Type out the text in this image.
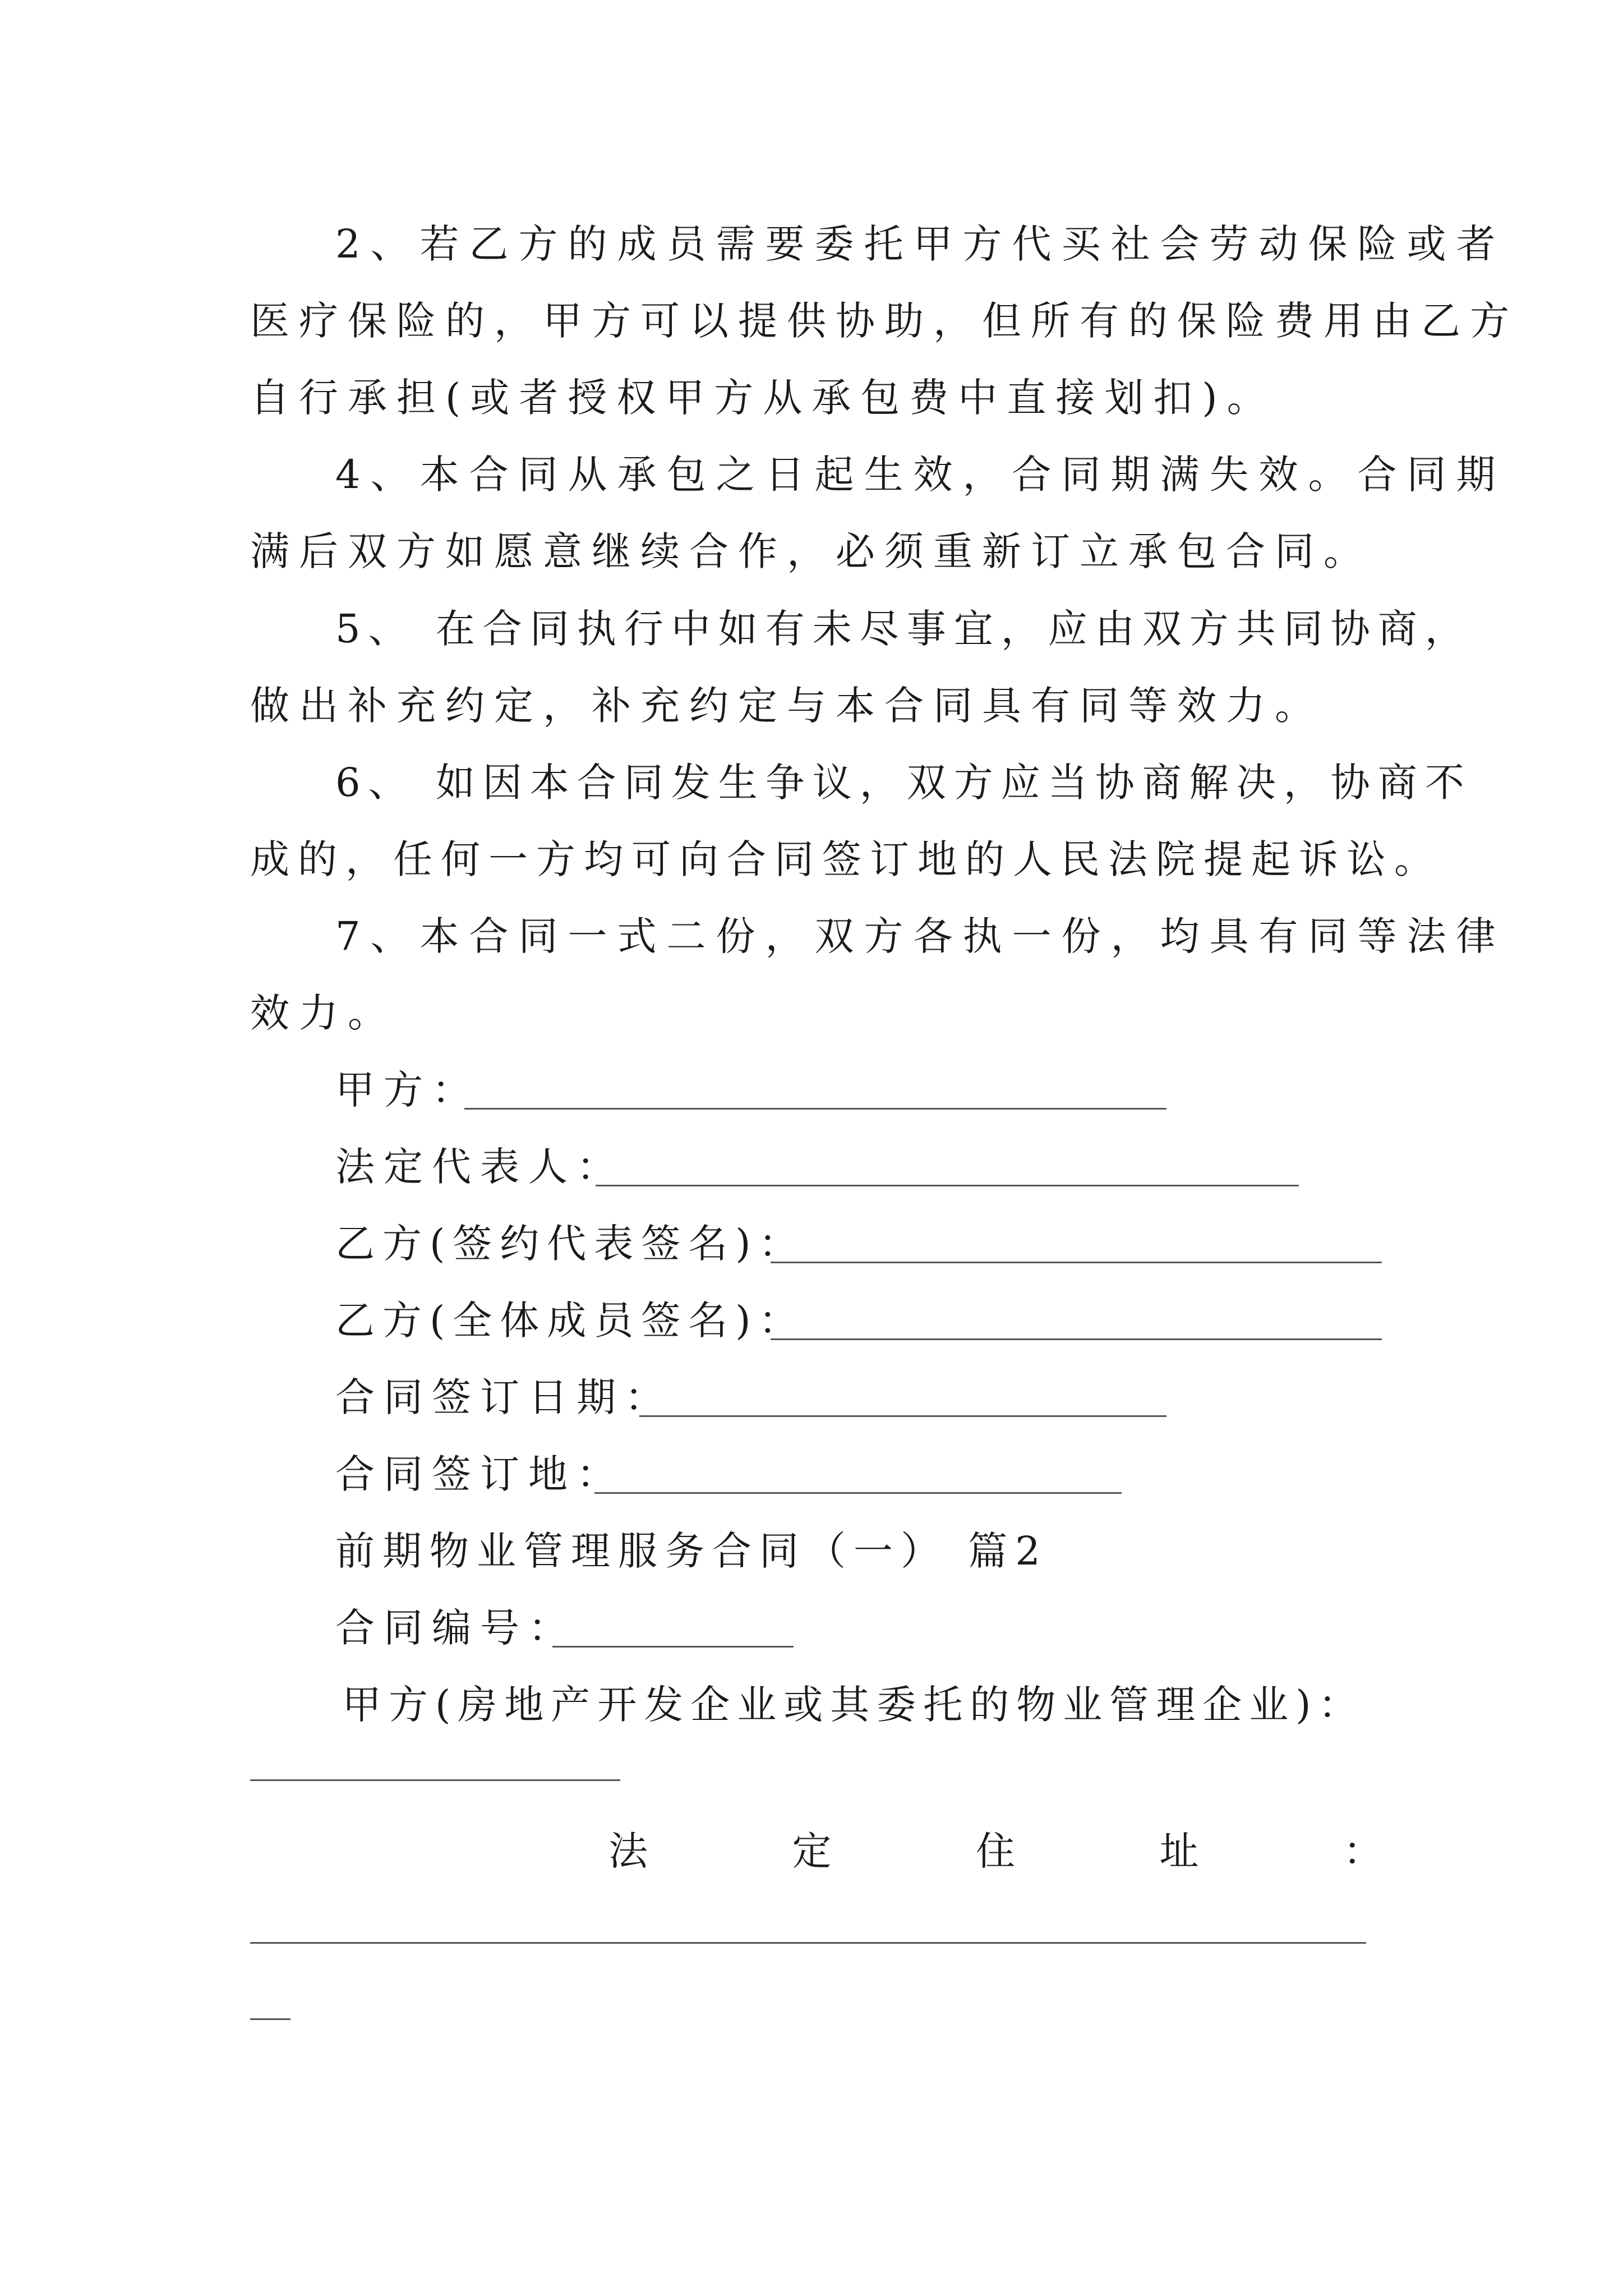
2、若乙方的成员需要委托甲方代买社会劳动保险或者
医疗保险的，甲方可以提供协助，但所有的保险费用由乙方
自行承担(或者授权甲方从承包费中直接划扣)。
4、本合同从承包之日起生效，合同期满失效。合同期
满后双方如愿意继续合作，必须重新订立承包合同。
5、 在合同执行中如有未尽事宜，应由双方共同协商，
做出补充约定，补充约定与本合同具有同等效力。
6、 如因本合同发生争议，双方应当协商解决，协商不
成的，任何一方均可向合同签订地的人民法院提起诉讼。
7、本合同一式二份，双方各执一份，均具有同等法律
效力。
甲方：
法定代表人：
乙方(签约代表签名)：
乙方(全体成员签名)：
合同签订日期：
合同签订地：
前期物业管理服务合同（一） 篇2
合同编号：
甲方(房地产开发企业或其委托的物业管理企业)：
法	定	住	址	：
